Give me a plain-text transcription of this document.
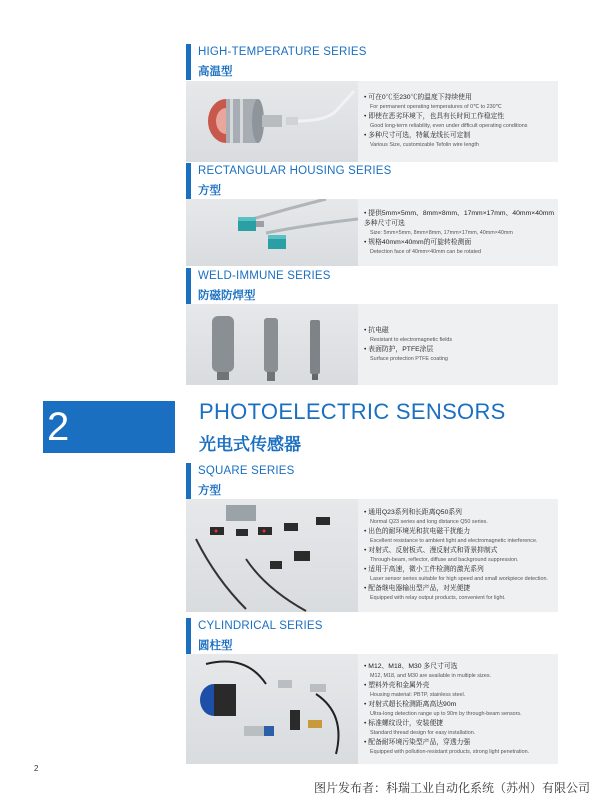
HIGH-TEMPERATURE SERIES
高温型
• 可在0℃至230℃的温度下持续使用
For permanent operating temperatures of 0℃ to 230℃
• 即使在恶劣环境下，也具有长时间工作稳定性
Good long-term reliability, even under difficult operating conditions
• 多种尺寸可选，特氟龙线长可定制
Various Size, customizable Tefolin wire length
RECTANGULAR HOUSING SERIES
方型
• 提供5mm×5mm、8mm×8mm、17mm×17mm、40mm×40mm
多种尺寸可选
Size: 5mm×5mm, 8mm×8mm, 17mm×17mm, 40mm×40mm
• 规格40mm×40mm的可旋转检测面
Detection face of 40mm×40mm can be rotated
WELD-IMMUNE SERIES
防磁防焊型
• 抗电磁
Resistant to electromagnetic fields
• 表面防护，PTFE涂层
Surface protection PTFE coating
2	PHOTOELECTRIC SENSORS
光电式传感器
SQUARE SERIES
方型
• 通用Q23系列和长距离Q50系列
Normal Q23 series and long distance Q50 series.
• 出色的耐环境光和抗电磁干扰能力
Excellent resistance to ambient light and electromagnetic interference.
• 对射式、反射板式、漫反射式和背景抑制式
Through-beam, reflector, diffuse and background suppression.
• 适用于高速，微小工件检测的激光系列
Laser sensor series suitable for high speed and small workpiece detection.
• 配备继电器输出型产品，对光便捷
Equipped with relay output products, convenient for light.
CYLINDRICAL SERIES
圆柱型
• M12、M18、M30 多尺寸可选
M12, M18, and M30 are available in multiple sizes.
• 塑料外壳和金属外壳
Housing material: PBTP, stainless steel.
• 对射式超长检测距离高达90m
Ultra-long detection range up to 90m by through-beam sensors.
• 标准螺纹设计，安装便捷
Standard thread design for easy installation.
• 配备耐环境污染型产品，穿透力强
Equipped with pollution-resistant products, strong light penetration.
2
图片发布者：科瑞工业自动化系统（苏州）有限公司
